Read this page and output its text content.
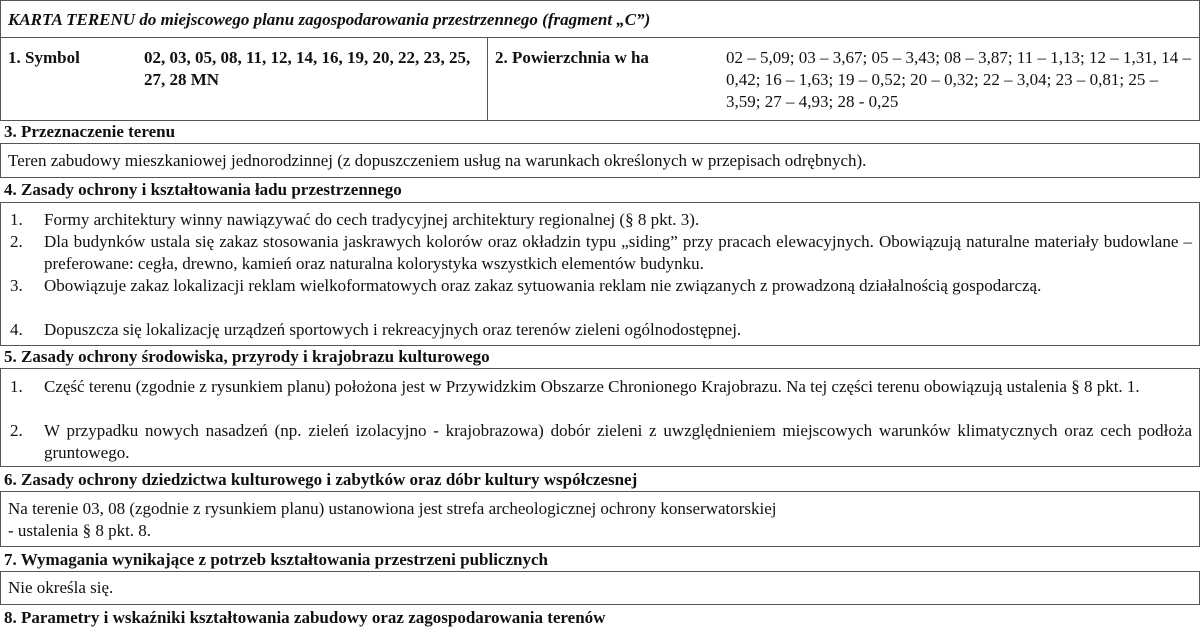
KARTA TERENU do miejscowego planu zagospodarowania przestrzennego (fragment „C”)
1. Symbol	02, 03, 05, 08, 11, 12, 14, 16, 19, 20, 22, 23, 25, 27, 28 MN
2. Powierzchnia w ha	02 – 5,09; 03 – 3,67; 05 – 3,43; 08 – 3,87; 11 – 1,13; 12 – 1,31, 14 – 0,42; 16 – 1,63; 19 – 0,52; 20 – 0,32; 22 – 3,04; 23 – 0,81; 25 – 3,59; 27 – 4,93; 28 - 0,25
3. Przeznaczenie terenu
Teren zabudowy mieszkaniowej jednorodzinnej (z dopuszczeniem usług na warunkach określonych w przepisach odrębnych).
4. Zasady ochrony i kształtowania ładu przestrzennego
1. Formy architektury winny nawiązywać do cech tradycyjnej architektury regionalnej (§ 8 pkt. 3).
2. Dla budynków ustala się zakaz stosowania jaskrawych kolorów oraz okładzin typu „siding” przy pracach elewacyjnych. Obowiązują naturalne materiały budowlane – preferowane: cegła, drewno, kamień oraz naturalna kolorystyka wszystkich elementów budynku.
3. Obowiązuje zakaz lokalizacji reklam wielkoformatowych oraz zakaz sytuowania reklam nie związanych z prowadzoną działalnością gospodarczą.
4. Dopuszcza się lokalizację urządzeń sportowych i rekreacyjnych oraz terenów zieleni ogólnodostępnej.
5. Zasady ochrony środowiska, przyrody i krajobrazu kulturowego
1. Część terenu (zgodnie z rysunkiem planu) położona jest w Przywidzkim Obszarze Chronionego Krajobrazu. Na tej części terenu obowiązują ustalenia § 8 pkt. 1.
2. W przypadku nowych nasadzeń (np. zieleń izolacyjno - krajobrazowa) dobór zieleni z uwzględnieniem miejscowych warunków klimatycznych oraz cech podłoża gruntowego.
6. Zasady ochrony dziedzictwa kulturowego i zabytków oraz dóbr kultury współczesnej
Na terenie 03, 08 (zgodnie z rysunkiem planu) ustanowiona jest strefa archeologicznej ochrony konserwatorskiej
- ustalenia § 8 pkt. 8.
7. Wymagania wynikające z potrzeb kształtowania przestrzeni publicznych
Nie określa się.
8. Parametry i wskaźniki kształtowania zabudowy oraz zagospodarowania terenów
